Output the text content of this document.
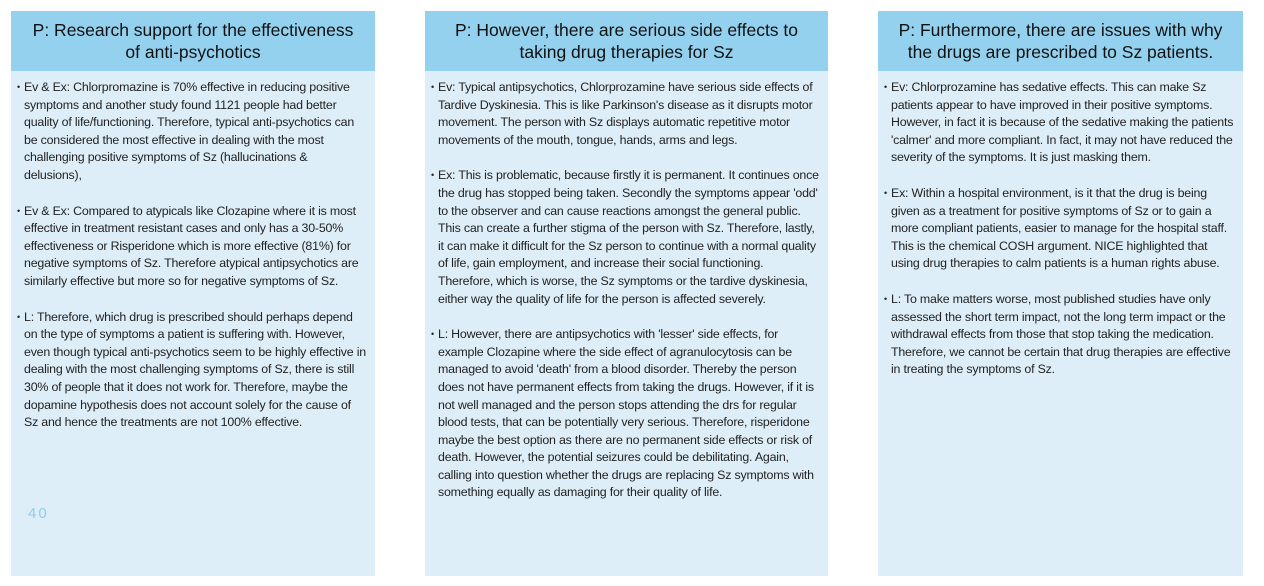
P: Research support for the effectiveness of anti-psychotics
• Ev & Ex: Chlorpromazine is 70% effective in reducing positive symptoms and another study found 1121 people had better quality of life/functioning. Therefore, typical anti-psychotics can be considered the most effective in dealing with the most challenging positive symptoms of Sz (hallucinations & delusions),
• Ev & Ex: Compared to atypicals like Clozapine where it is most effective in treatment resistant cases and only has a 30-50% effectiveness or Risperidone which is more effective (81%) for negative symptoms of Sz. Therefore atypical antipsychotics are similarly effective but more so for negative symptoms of Sz.
• L: Therefore, which drug is prescribed should perhaps depend on the type of symptoms a patient is suffering with. However, even though typical anti-psychotics seem to be highly effective in dealing with the most challenging symptoms of Sz, there is still 30% of people that it does not work for. Therefore, maybe the dopamine hypothesis does not account solely for the cause of Sz and hence the treatments are not 100% effective.
40
P: However, there are serious side effects to taking drug therapies for Sz
• Ev: Typical antipsychotics, Chlorprozamine have serious side effects of Tardive Dyskinesia. This is like Parkinson's disease as it disrupts motor movement. The person with Sz displays automatic repetitive motor movements of the mouth, tongue, hands, arms and legs.
• Ex: This is problematic, because firstly it is permanent. It continues once the drug has stopped being taken. Secondly the symptoms appear 'odd' to the observer and can cause reactions amongst the general public. This can create a further stigma of the person with Sz. Therefore, lastly, it can make it difficult for the Sz person to continue with a normal quality of life, gain employment, and increase their social functioning. Therefore, which is worse, the Sz symptoms or the tardive dyskinesia, either way the quality of life for the person is affected severely.
• L: However, there are antipsychotics with 'lesser' side effects, for example Clozapine where the side effect of agranulocytosis can be managed to avoid 'death' from a blood disorder. Thereby the person does not have permanent effects from taking the drugs. However, if it is not well managed and the person stops attending the drs for regular blood tests, that can be potentially very serious. Therefore, risperidone maybe the best option as there are no permanent side effects or risk of death. However, the potential seizures could be debilitating. Again, calling into question whether the drugs are replacing Sz symptoms with something equally as damaging for their quality of life.
P: Furthermore, there are issues with why the drugs are prescribed to Sz patients.
• Ev: Chlorprozamine has sedative effects. This can make Sz patients appear to have improved in their positive symptoms. However, in fact it is because of the sedative making the patients 'calmer' and more compliant. In fact, it may not have reduced the severity of the symptoms. It is just masking them.
• Ex: Within a hospital environment, is it that the drug is being given as a treatment for positive symptoms of Sz or to gain a more compliant patients, easier to manage for the hospital staff. This is the chemical COSH argument. NICE highlighted that using drug therapies to calm patients is a human rights abuse.
• L: To make matters worse, most published studies have only assessed the short term impact, not the long term impact or the withdrawal effects from those that stop taking the medication. Therefore, we cannot be certain that drug therapies are effective in treating the symptoms of Sz.
